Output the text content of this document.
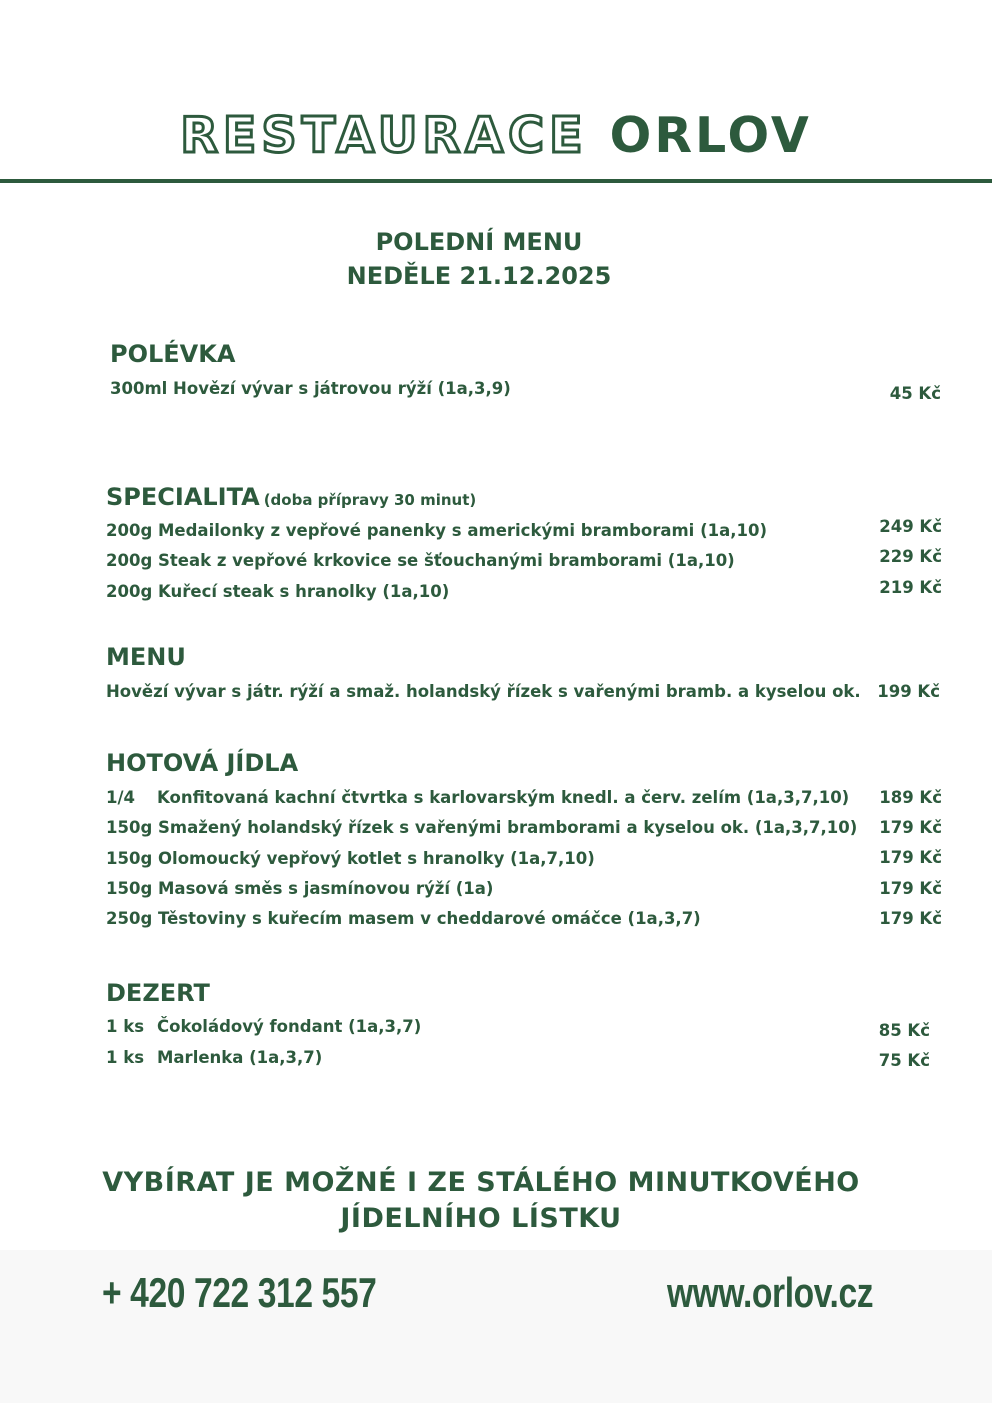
RESTAURACE ORLOV
POLEDNÍ MENU
NEDĚLE 21.12.2025
POLÉVKA
300ml Hovězí vývar s játrovou rýží (1a,3,9)	45 Kč
SPECIALITA (doba přípravy 30 minut)
200g Medailonky z vepřové panenky s americkými bramborami (1a,10)	249 Kč
200g Steak z vepřové krkovice se šťouchanými bramborami (1a,10)	229 Kč
200g Kuřecí steak s hranolky (1a,10)	219 Kč
MENU
Hovězí vývar s játr. rýží a smaž. holandský řízek s vařenými bramb. a kyselou ok.	199 Kč
HOTOVÁ JÍDLA
1/4 Konfitovaná kachní čtvrtka s karlovarským knedl. a červ. zelím (1a,3,7,10)	189 Kč
150g Smažený holandský řízek s vařenými bramborami a kyselou ok. (1a,3,7,10)	179 Kč
150g Olomoucký vepřový kotlet s hranolky (1a,7,10)	179 Kč
150g Masová směs s jasmínovou rýží (1a)	179 Kč
250g Těstoviny s kuřecím masem v cheddarové omáčce (1a,3,7)	179 Kč
DEZERT
1 ks Čokoládový fondant (1a,3,7)	85 Kč
1 ks Marlenka (1a,3,7)	75 Kč
VYBÍRAT JE MOŽNÉ I ZE STÁLÉHO MINUTKOVÉHO
JÍDELNÍHO LÍSTKU
+ 420 722 312 557	www.orlov.cz
